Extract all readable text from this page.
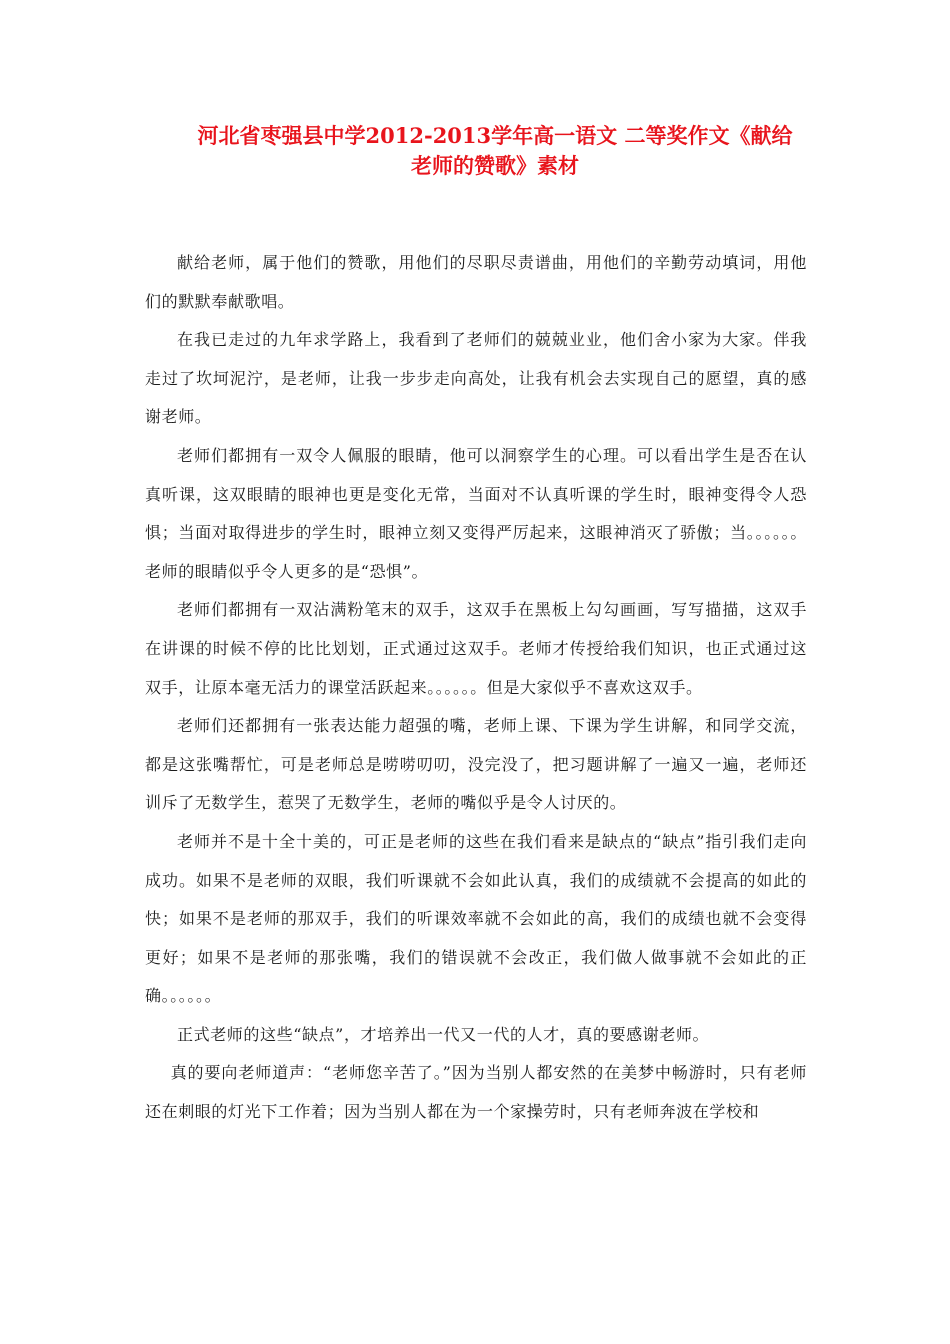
河北省枣强县中学2012-2013学年高一语文 二等奖作文《献给
老师的赞歌》素材

献给老师，属于他们的赞歌，用他们的尽职尽责谱曲，用他们的辛勤劳动填词，用他们的默默奉献歌唱。

在我已走过的九年求学路上，我看到了老师们的兢兢业业，他们舍小家为大家。伴我走过了坎坷泥泞，是老师，让我一步步走向高处，让我有机会去实现自己的愿望，真的感谢老师。

老师们都拥有一双令人佩服的眼睛，他可以洞察学生的心理。可以看出学生是否在认真听课，这双眼睛的眼神也更是变化无常，当面对不认真听课的学生时，眼神变得令人恐惧；当面对取得进步的学生时，眼神立刻又变得严厉起来，这眼神消灭了骄傲；当。。。。。。老师的眼睛似乎令人更多的是“恐惧”。

老师们都拥有一双沾满粉笔末的双手，这双手在黑板上勾勾画画，写写描描，这双手在讲课的时候不停的比比划划，正式通过这双手。老师才传授给我们知识，也正式通过这双手，让原本毫无活力的课堂活跃起来。。。。。。但是大家似乎不喜欢这双手。

老师们还都拥有一张表达能力超强的嘴，老师上课、下课为学生讲解，和同学交流，都是这张嘴帮忙，可是老师总是唠唠叨叨，没完没了，把习题讲解了一遍又一遍，老师还训斥了无数学生，惹哭了无数学生，老师的嘴似乎是令人讨厌的。

老师并不是十全十美的，可正是老师的这些在我们看来是缺点的“缺点”指引我们走向成功。如果不是老师的双眼，我们听课就不会如此认真，我们的成绩就不会提高的如此的快；如果不是老师的那双手，我们的听课效率就不会如此的高，我们的成绩也就不会变得更好；如果不是老师的那张嘴，我们的错误就不会改正，我们做人做事就不会如此的正确。。。。。。

正式老师的这些“缺点”，才培养出一代又一代的人才，真的要感谢老师。

真的要向老师道声：“老师您辛苦了。”因为当别人都安然的在美梦中畅游时，只有老师还在刺眼的灯光下工作着；因为当别人都在为一个家操劳时，只有老师奔波在学校和
